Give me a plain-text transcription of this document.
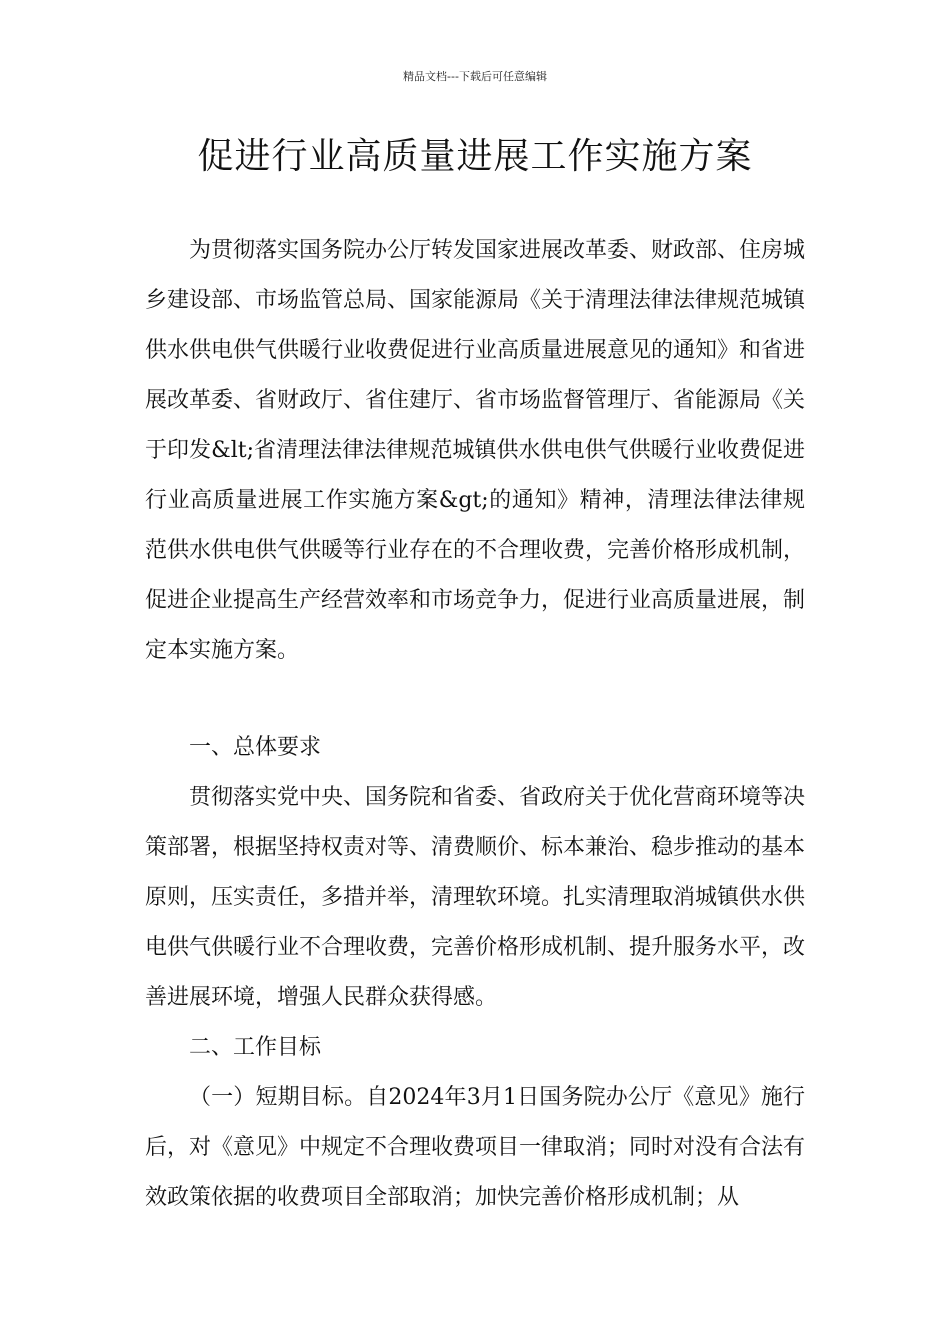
精品文档---下载后可任意编辑
促进行业高质量进展工作实施方案

为贯彻落实国务院办公厅转发国家进展改革委、财政部、住房城乡建设部、市场监管总局、国家能源局《关于清理法律法律规范城镇供水供电供气供暖行业收费促进行业高质量进展意见的通知》和省进展改革委、省财政厅、省住建厅、省市场监督管理厅、省能源局《关于印发&lt;省清理法律法律规范城镇供水供电供气供暖行业收费促进行业高质量进展工作实施方案&gt;的通知》精神，清理法律法律规范供水供电供气供暖等行业存在的不合理收费，完善价格形成机制，促进企业提高生产经营效率和市场竞争力，促进行业高质量进展，制定本实施方案。

一、总体要求

贯彻落实党中央、国务院和省委、省政府关于优化营商环境等决策部署，根据坚持权责对等、清费顺价、标本兼治、稳步推动的基本原则，压实责任，多措并举，清理软环境。扎实清理取消城镇供水供电供气供暖行业不合理收费，完善价格形成机制、提升服务水平，改善进展环境，增强人民群众获得感。

二、工作目标

（一）短期目标。自2024年3月1日国务院办公厅《意见》施行后，对《意见》中规定不合理收费项目一律取消；同时对没有合法有效政策依据的收费项目全部取消；加快完善价格形成机制；从
